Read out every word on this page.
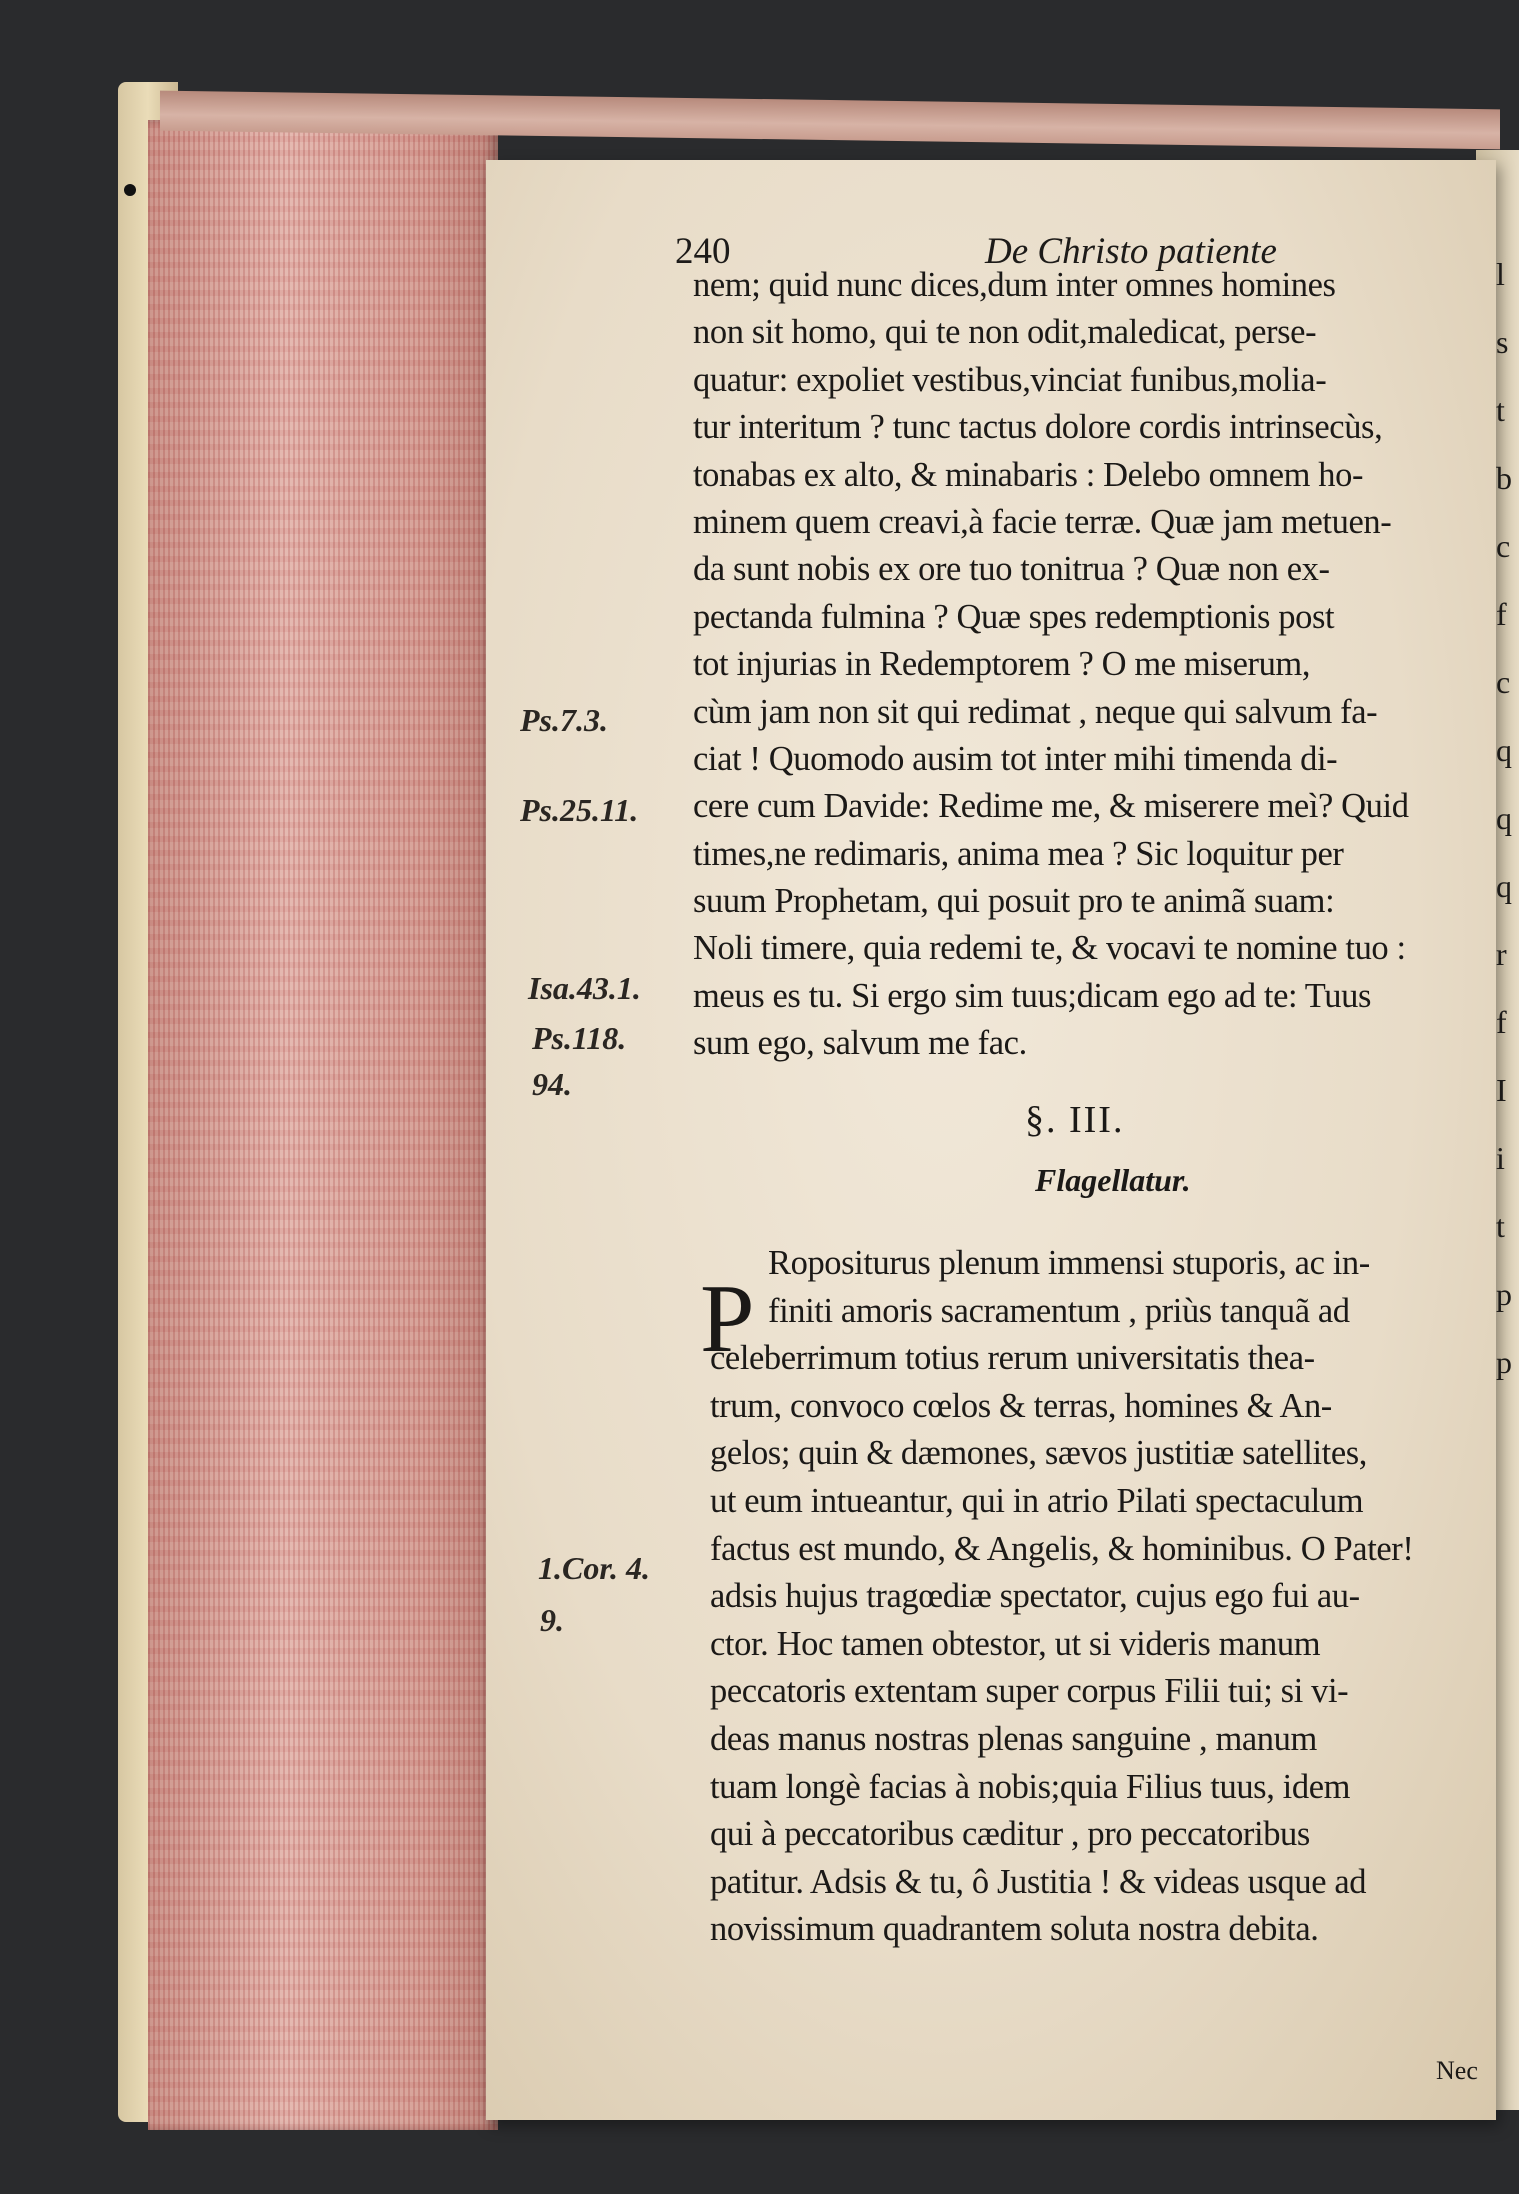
l
s
t
b
c
f
c
q
q
q
r
f
I
i
t
p
p
240	De Christo patiente
nem; quid nunc dices,dum inter omnes homines
non sit homo, qui te non odit,maledicat, perse-
quatur: expoliet vestibus,vinciat funibus,molia-
tur interitum ? tunc tactus dolore cordis intrinsecùs,
tonabas ex alto, & minabaris : Delebo omnem ho-
minem quem creavi,à facie terræ. Quæ jam metuen-
da sunt nobis ex ore tuo tonitrua ? Quæ non ex-
pectanda fulmina ? Quæ spes redemptionis post
tot injurias in Redemptorem ? O me miserum,
cùm jam non sit qui redimat , neque qui salvum fa-
ciat ! Quomodo ausim tot inter mihi timenda di-
cere cum Davide: Redime me, & miserere meì? Quid
times,ne redimaris, anima mea ? Sic loquitur per
suum Prophetam, qui posuit pro te animã suam:
Noli timere, quia redemi te, & vocavi te nomine tuo :
meus es tu. Si ergo sim tuus;dicam ego ad te: Tuus
sum ego, salvum me fac.
§. III.
Flagellatur.
P
Ropositurus plenum immensi stuporis, ac in-
finiti amoris sacramentum , priùs tanquã ad
celeberrimum totius rerum universitatis thea-
trum, convoco cœlos & terras, homines & An-
gelos; quin & dæmones, sævos justitiæ satellites,
ut eum intueantur, qui in atrio Pilati spectaculum
factus est mundo, & Angelis, & hominibus. O Pater!
adsis hujus tragœdiæ spectator, cujus ego fui au-
ctor. Hoc tamen obtestor, ut si videris manum
peccatoris extentam super corpus Filii tui; si vi-
deas manus nostras plenas sanguine , manum
tuam longè facias à nobis;quia Filius tuus, idem
qui à peccatoribus cæditur , pro peccatoribus
patitur. Adsis & tu, ô Justitia ! & videas usque ad
novissimum quadrantem soluta nostra debita.
Ps.7.3.
Ps.25.11.
Isa.43.1.
Ps.118.
94.
1.Cor. 4.
9.
Nec
